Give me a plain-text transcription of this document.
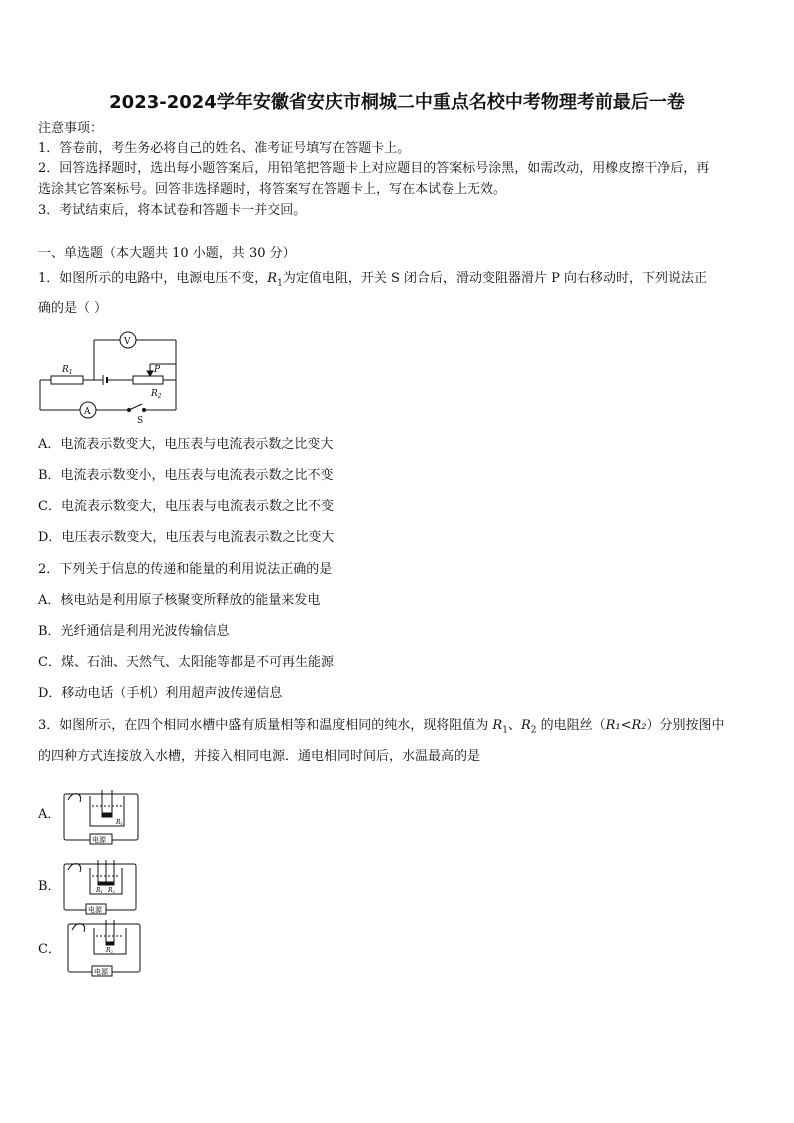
2023-2024学年安徽省安庆市桐城二中重点名校中考物理考前最后一卷
注意事项：
1．答卷前，考生务必将自己的姓名、准考证号填写在答题卡上。
2．回答选择题时，选出每小题答案后，用铅笔把答题卡上对应题目的答案标号涂黑，如需改动，用橡皮擦干净后，再
选涂其它答案标号。回答非选择题时，将答案写在答题卡上，写在本试卷上无效。
3．考试结束后，将本试卷和答题卡一并交回。
一、单选题（本大题共 10 小题，共 30 分）
1．如图所示的电路中，电源电压不变，$R_1$为定值电阻，开关 S 闭合后，滑动变阻器滑片 P 向右移动时，下列说法正
确的是（ ）
$R_1$
$R_2$
P
V
A
S
A．电流表示数变大，电压表与电流表示数之比变大
B．电流表示数变小，电压表与电流表示数之比不变
C．电流表示数变大，电压表与电流表示数之比不变
D．电压表示数变大，电压表与电流表示数之比变大
2．下列关于信息的传递和能量的利用说法正确的是
A．核电站是利用原子核聚变所释放的能量来发电
B．光纤通信是利用光波传输信息
C．煤、石油、天然气、太阳能等都是不可再生能源
D．移动电话（手机）利用超声波传递信息
3．如图所示，在四个相同水槽中盛有质量相等和温度相同的纯水，现将阻值为 $R_1$、$R_2$ 的电阻丝（R₁<R₂）分别按图中
的四种方式连接放入水槽，并接入相同电源．通电相同时间后，水温最高的是
A．
电源
R1
B．
电源
R1 R2
C．
电源
R2
